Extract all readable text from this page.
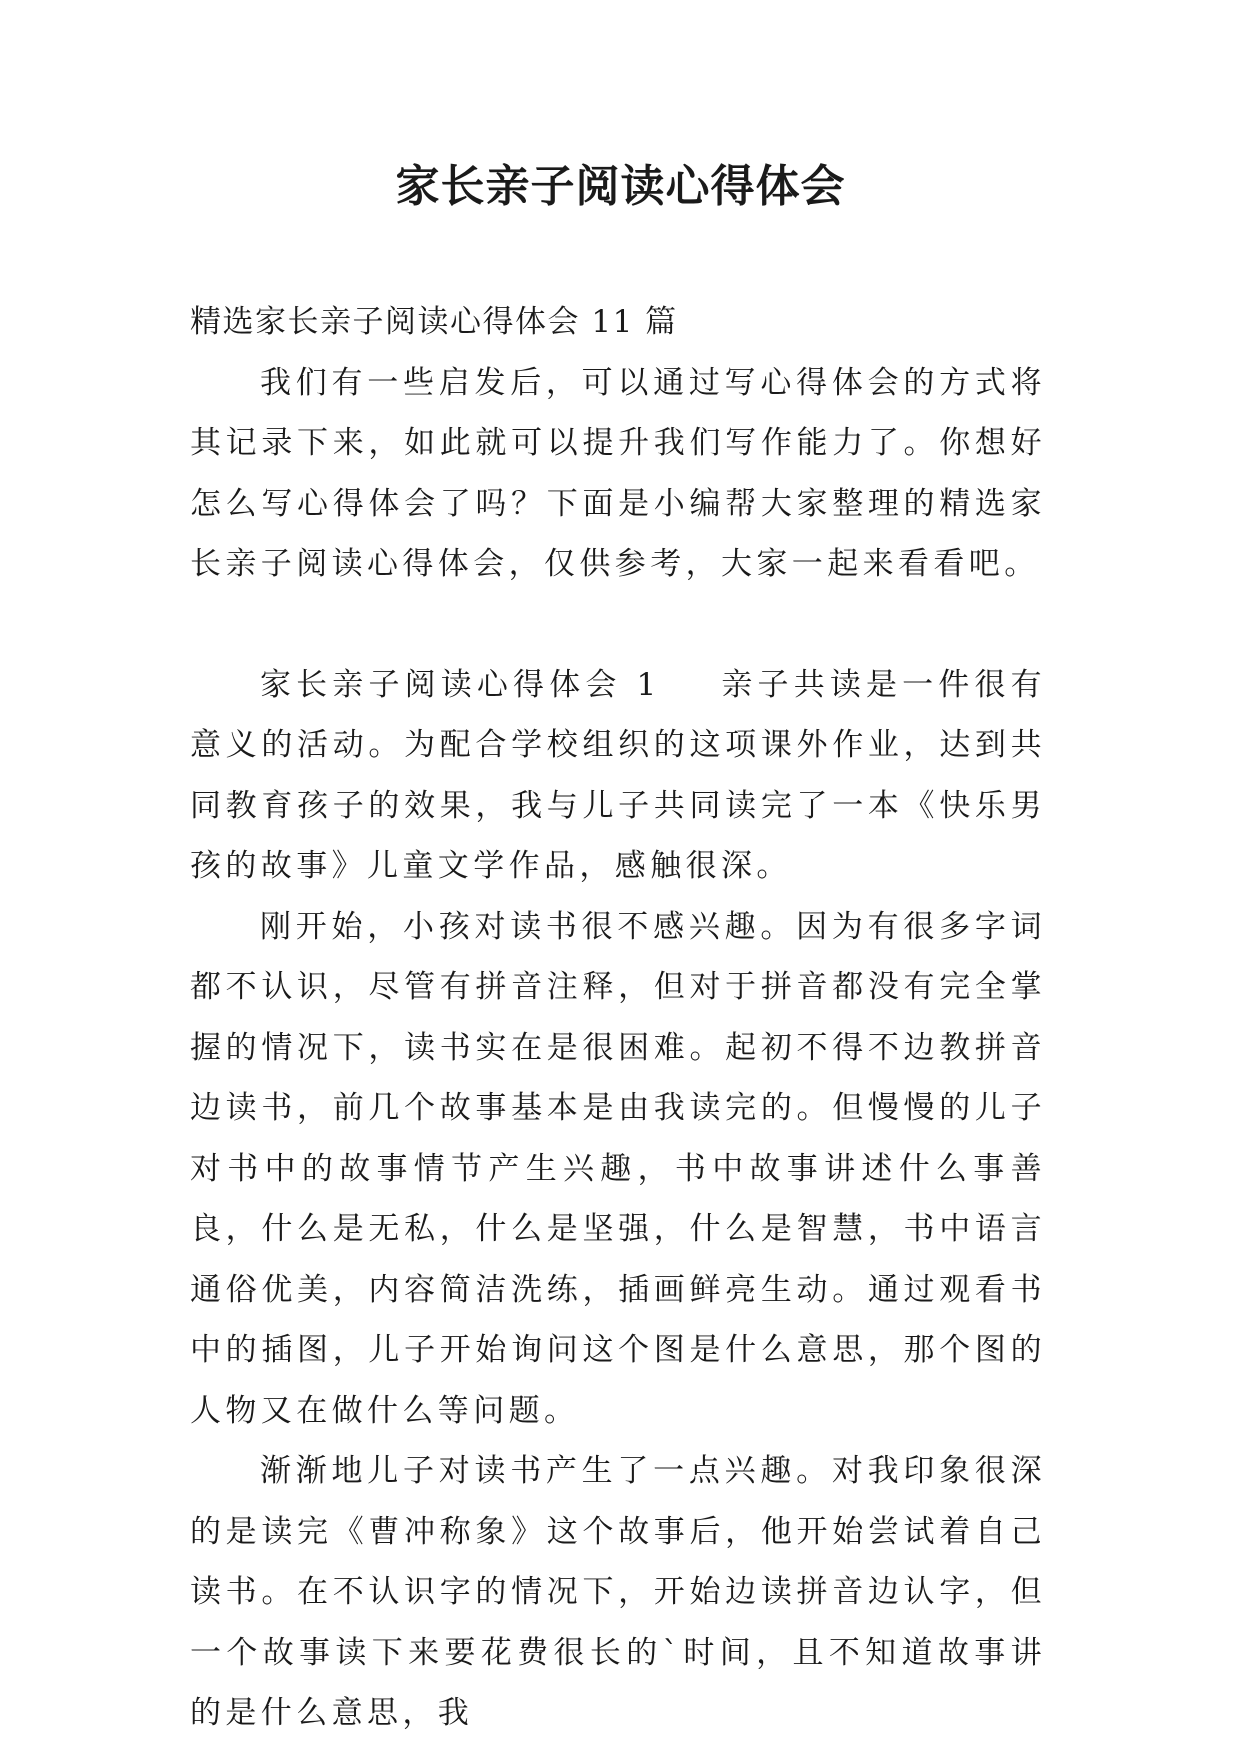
家长亲子阅读心得体会

精选家长亲子阅读心得体会 11 篇

我们有一些启发后，可以通过写心得体会的方式将其记录下来，如此就可以提升我们写作能力了。你想好怎么写心得体会了吗？下面是小编帮大家整理的精选家长亲子阅读心得体会，仅供参考，大家一起来看看吧。

家长亲子阅读心得体会 1 亲子共读是一件很有意义的活动。为配合学校组织的这项课外作业，达到共同教育孩子的效果，我与儿子共同读完了一本《快乐男孩的故事》儿童文学作品，感触很深。

刚开始，小孩对读书很不感兴趣。因为有很多字词都不认识，尽管有拼音注释，但对于拼音都没有完全掌握的情况下，读书实在是很困难。起初不得不边教拼音边读书，前几个故事基本是由我读完的。但慢慢的儿子对书中的故事情节产生兴趣，书中故事讲述什么事善良，什么是无私，什么是坚强，什么是智慧，书中语言通俗优美，内容简洁洗练，插画鲜亮生动。通过观看书中的插图，儿子开始询问这个图是什么意思，那个图的人物又在做什么等问题。

渐渐地儿子对读书产生了一点兴趣。对我印象很深的是读完《曹冲称象》这个故事后，他开始尝试着自己读书。在不认识字的情况下，开始边读拼音边认字，但一个故事读下来要花费很长的`时间，且不知道故事讲的是什么意思，我
